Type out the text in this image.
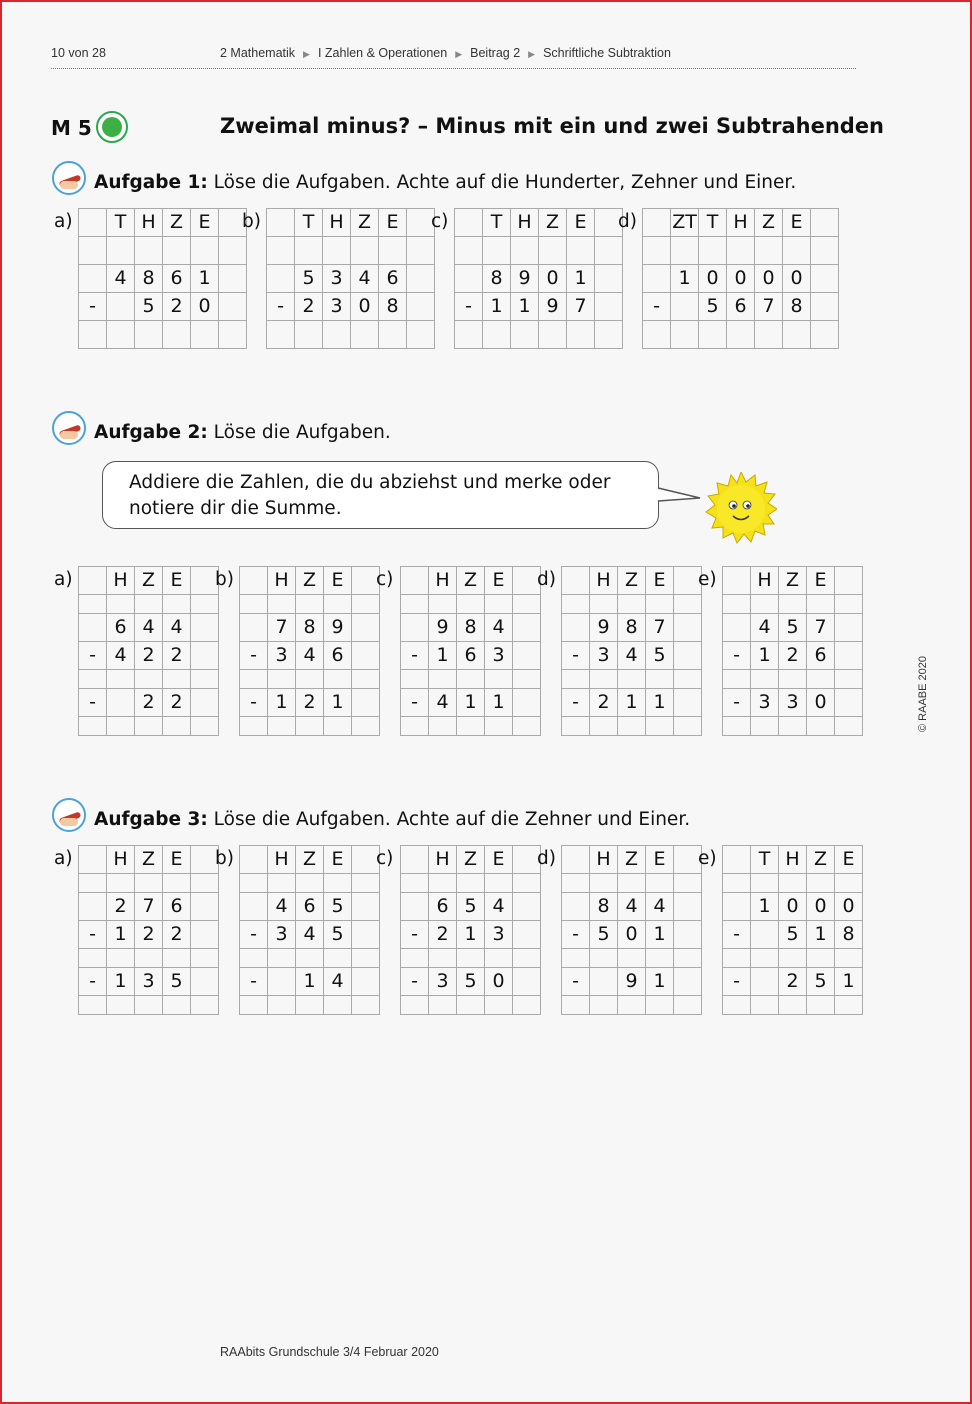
10 von 28	2 Mathematik ▶ I Zahlen & Operationen ▶ Beitrag 2 ▶ Schriftliche Subtraktion
M 5	Zweimal minus? – Minus mit ein und zwei Subtrahenden
Aufgabe 1: Löse die Aufgaben. Achte auf die Hunderter, Zehner und Einer.
a)
	T	H	Z	E	

	4	8	6	1	
-		5	2	0	

b)
	T	H	Z	E	

	5	3	4	6	
-	2	3	0	8	

c)
	T	H	Z	E	

	8	9	0	1	
-	1	1	9	7	

d)
	ZT	T	H	Z	E	

	1	0	0	0	0	
-		5	6	7	8	

Aufgabe 2: Löse die Aufgaben.
Addiere die Zahlen, die du abziehst und merke oder
notiere dir die Summe.
a)
	H	Z	E	

	6	4	4	
-	4	2	2	

-		2	2	

b)
	H	Z	E	

	7	8	9	
-	3	4	6	

-	1	2	1	

c)
	H	Z	E	

	9	8	4	
-	1	6	3	

-	4	1	1	

d)
	H	Z	E	

	9	8	7	
-	3	4	5	

-	2	1	1	

e)
	H	Z	E	

	4	5	7	
-	1	2	6	

-	3	3	0	

Aufgabe 3: Löse die Aufgaben. Achte auf die Zehner und Einer.
a)
	H	Z	E	

	2	7	6	
-	1	2	2	

-	1	3	5	

b)
	H	Z	E	

	4	6	5	
-	3	4	5	

-		1	4	

c)
	H	Z	E	

	6	5	4	
-	2	1	3	

-	3	5	0	

d)
	H	Z	E	

	8	4	4	
-	5	0	1	

-		9	1	

e)
	T	H	Z	E

	1	0	0	0
-		5	1	8

-		2	5	1

© RAABE 2020
RAAbits Grundschule 3/4 Februar 2020
